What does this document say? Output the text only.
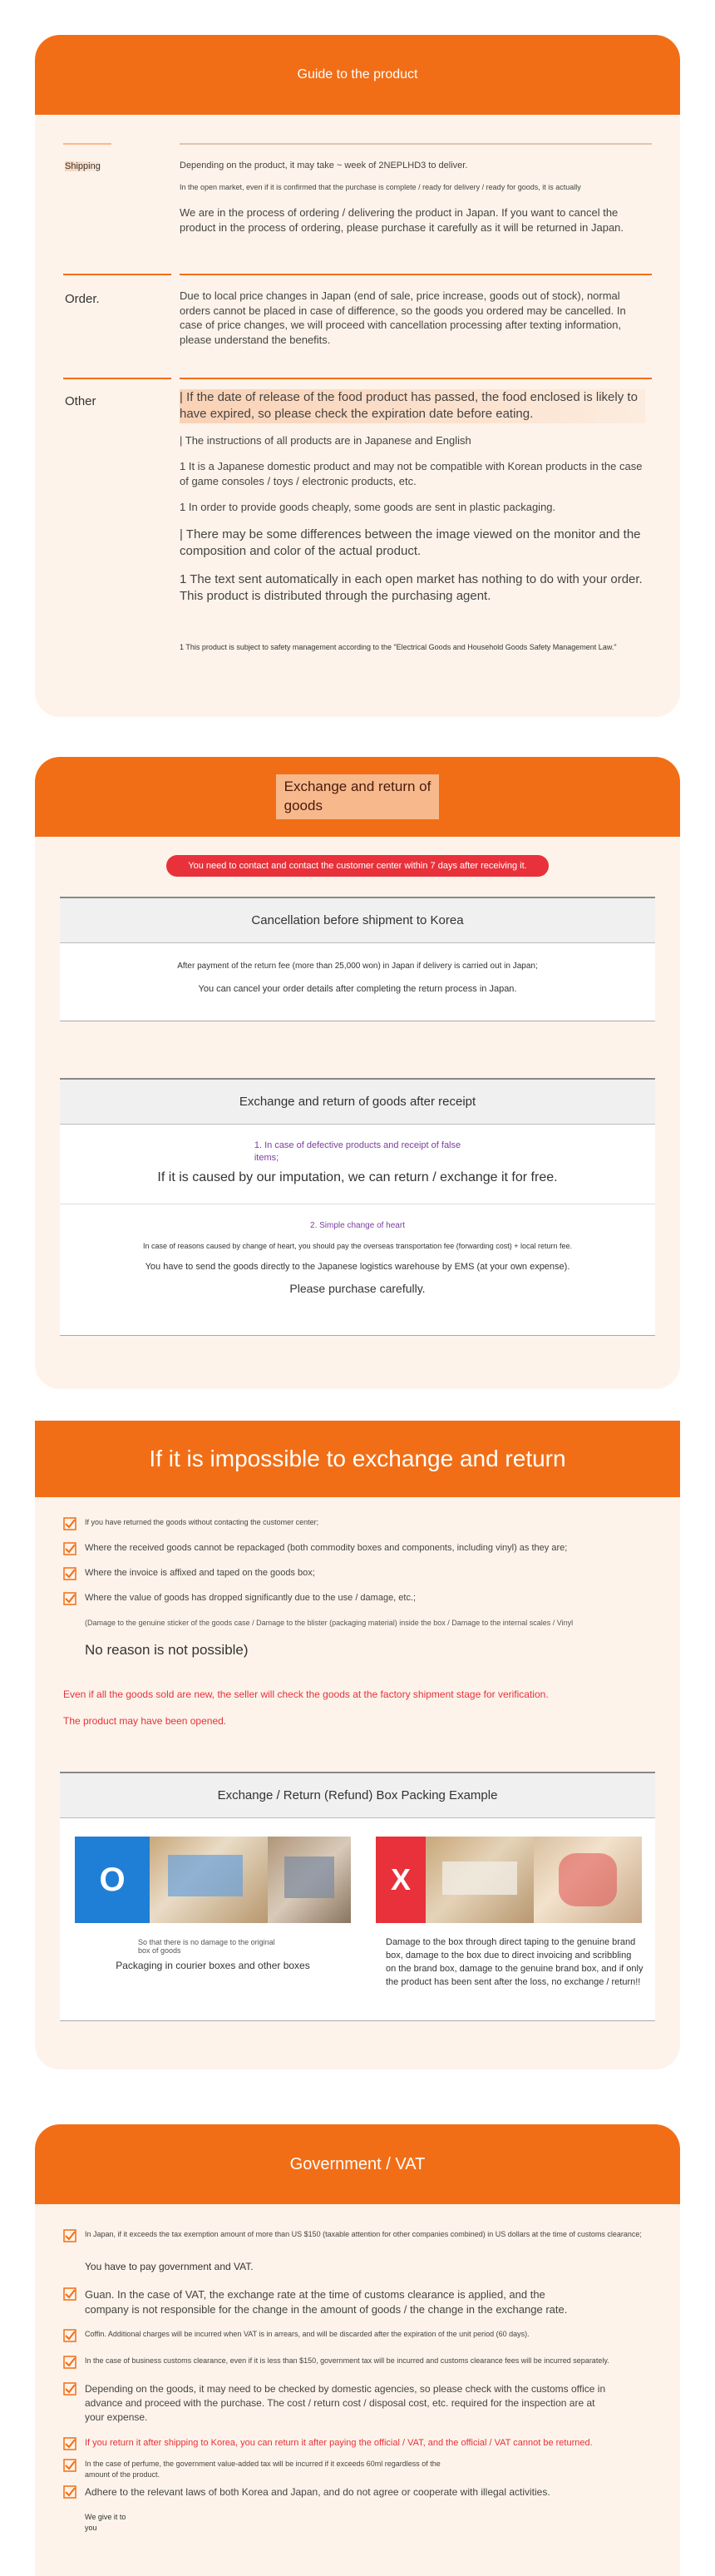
Guide to the product
Shipping	Depending on the product, it may take ~ week of 2NEPLHD3 to deliver.
In the open market, even if it is confirmed that the purchase is complete / ready for delivery / ready for goods, it is actually
We are in the process of ordering / delivering the product in Japan. If you want to cancel the product in the process of ordering, please purchase it carefully as it will be returned in Japan.
Order.	Due to local price changes in Japan (end of sale, price increase, goods out of stock), normal orders cannot be placed in case of difference, so the goods you ordered may be cancelled. In case of price changes, we will proceed with cancellation processing after texting information, please understand the benefits.
Other	| If the date of release of the food product has passed, the food enclosed is likely to have expired, so please check the expiration date before eating.
| The instructions of all products are in Japanese and English
1 It is a Japanese domestic product and may not be compatible with Korean products in the case of game consoles / toys / electronic products, etc.
1 In order to provide goods cheaply, some goods are sent in plastic packaging.
| There may be some differences between the image viewed on the monitor and the composition and color of the actual product.
1 The text sent automatically in each open market has nothing to do with your order. This product is distributed through the purchasing agent.
1 This product is subject to safety management according to the "Electrical Goods and Household Goods Safety Management Law."
Exchange and return of
goods
You need to contact and contact the customer center within 7 days after receiving it.
Cancellation before shipment to Korea
After payment of the return fee (more than 25,000 won) in Japan if delivery is carried out in Japan;
You can cancel your order details after completing the return process in Japan.
Exchange and return of goods after receipt
1. In case of defective products and receipt of false
items;
If it is caused by our imputation, we can return / exchange it for free.
2. Simple change of heart
In case of reasons caused by change of heart, you should pay the overseas transportation fee (forwarding cost) + local return fee.
You have to send the goods directly to the Japanese logistics warehouse by EMS (at your own expense).
Please purchase carefully.
If it is impossible to exchange and return
If you have returned the goods without contacting the customer center;
Where the received goods cannot be repackaged (both commodity boxes and components, including vinyl) as they are;
Where the invoice is affixed and taped on the goods box;
Where the value of goods has dropped significantly due to the use / damage, etc.;
(Damage to the genuine sticker of the goods case / Damage to the blister (packaging material) inside the box / Damage to the internal scales / Vinyl
No reason is not possible)
Even if all the goods sold are new, the seller will check the goods at the factory shipment stage for verification.
The product may have been opened.
Exchange / Return (Refund) Box Packing Example
O
So that there is no damage to the original box of goods
Packaging in courier boxes and other boxes
X
Damage to the box through direct taping to the genuine brand box, damage to the box due to direct invoicing and scribbling on the brand box, damage to the genuine brand box, and if only the product has been sent after the loss, no exchange / return!!
Government / VAT
In Japan, if it exceeds the tax exemption amount of more than US $150 (taxable attention for other companies combined) in US dollars at the time of customs clearance;
You have to pay government and VAT.
Guan. In the case of VAT, the exchange rate at the time of customs clearance is applied, and the company is not responsible for the change in the amount of goods / the change in the exchange rate.
Coffin. Additional charges will be incurred when VAT is in arrears, and will be discarded after the expiration of the unit period (60 days).
In the case of business customs clearance, even if it is less than $150, government tax will be incurred and customs clearance fees will be incurred separately.
Depending on the goods, it may need to be checked by domestic agencies, so please check with the customs office in advance and proceed with the purchase. The cost / return cost / disposal cost, etc. required for the inspection are at your expense.
If you return it after shipping to Korea, you can return it after paying the official / VAT, and the official / VAT cannot be returned.
In the case of perfume, the government value-added tax will be incurred if it exceeds 60ml regardless of the amount of the product.
Adhere to the relevant laws of both Korea and Japan, and do not agree or cooperate with illegal activities.
We give it to
you
